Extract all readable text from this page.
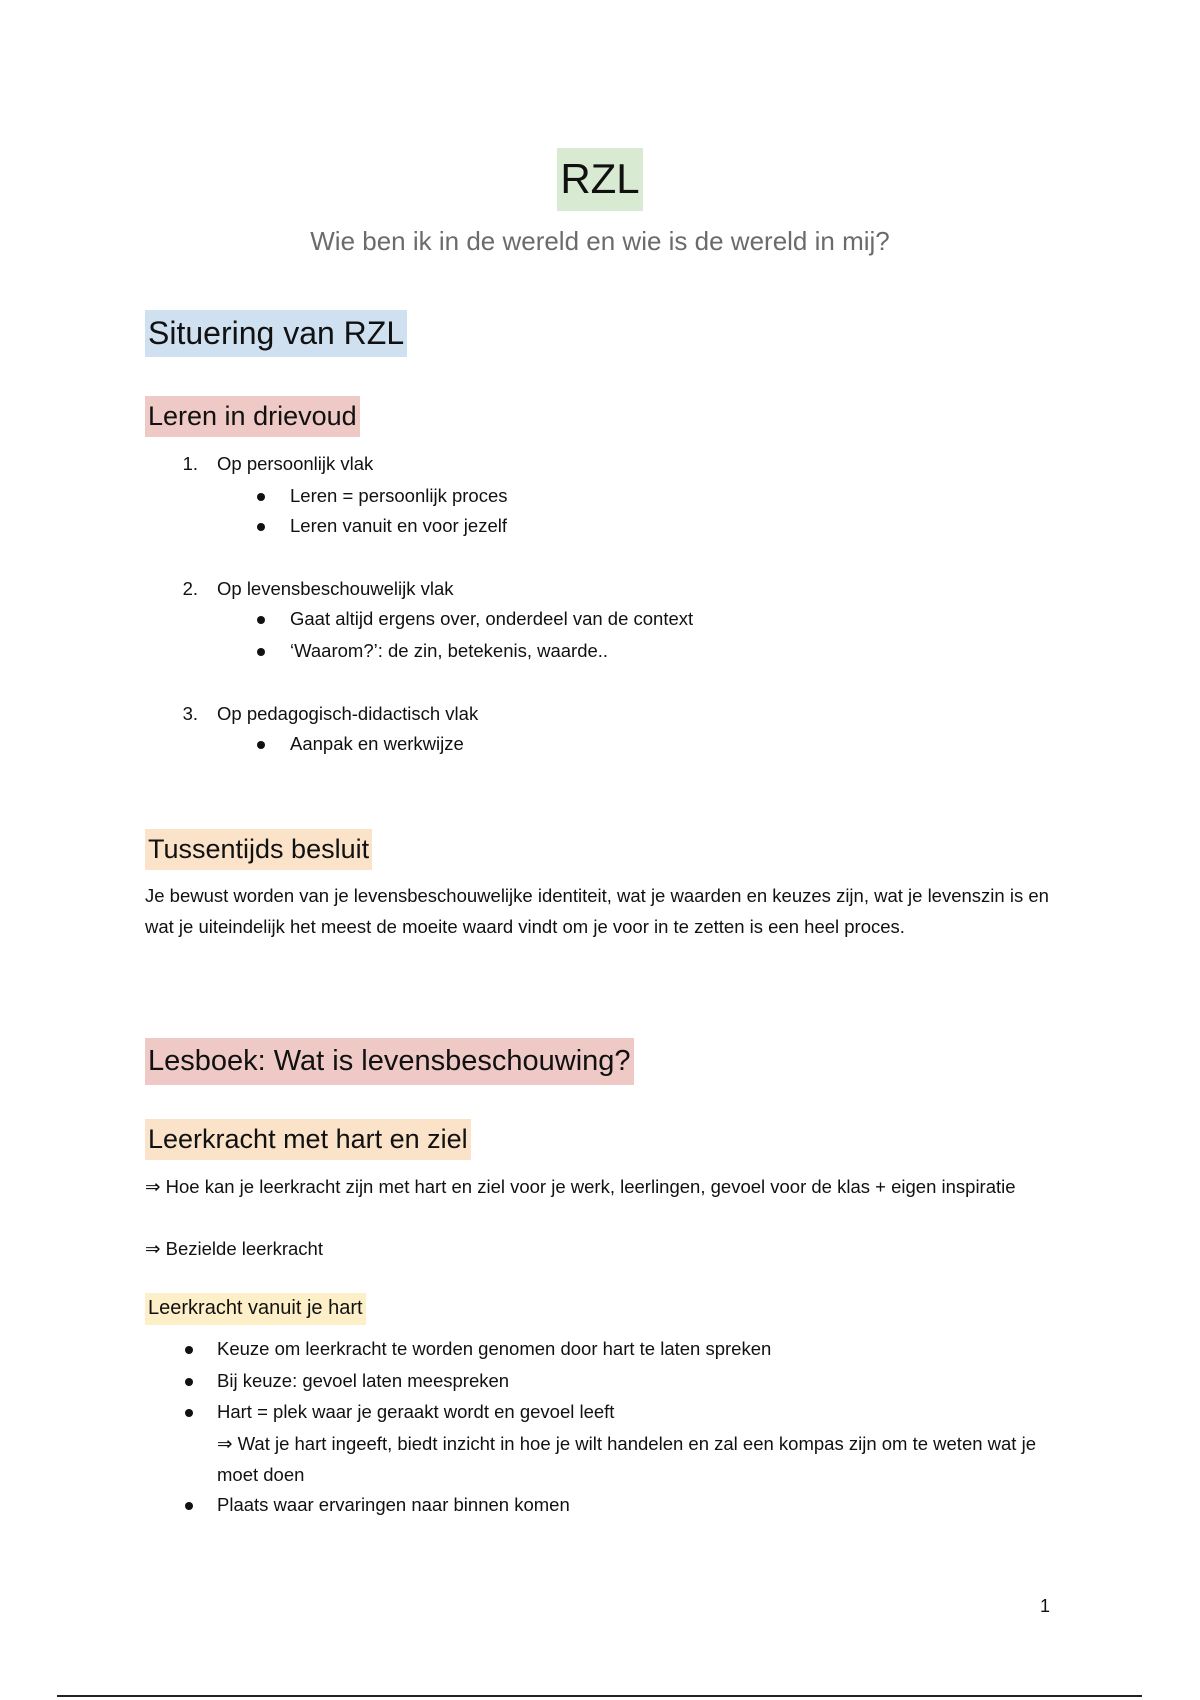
RZL
Wie ben ik in de wereld en wie is de wereld in mij?
Situering van RZL
Leren in drievoud
1. Op persoonlijk vlak
Leren = persoonlijk proces
Leren vanuit en voor jezelf
2. Op levensbeschouwelijk vlak
Gaat altijd ergens over, onderdeel van de context
‘Waarom?’: de zin, betekenis, waarde..
3. Op pedagogisch-didactisch vlak
Aanpak en werkwijze
Tussentijds besluit
Je bewust worden van je levensbeschouwelijke identiteit, wat je waarden en keuzes zijn, wat je levenszin is en wat je uiteindelijk het meest de moeite waard vindt om je voor in te zetten is een heel proces.
Lesboek: Wat is levensbeschouwing?
Leerkracht met hart en ziel
⇒ Hoe kan je leerkracht zijn met hart en ziel voor je werk, leerlingen, gevoel voor de klas + eigen inspiratie
⇒ Bezielde leerkracht
Leerkracht vanuit je hart
Keuze om leerkracht te worden genomen door hart te laten spreken
Bij keuze: gevoel laten meespreken
Hart = plek waar je geraakt wordt en gevoel leeft
⇒ Wat je hart ingeeft, biedt inzicht in hoe je wilt handelen en zal een kompas zijn om te weten wat je moet doen
Plaats waar ervaringen naar binnen komen
1
